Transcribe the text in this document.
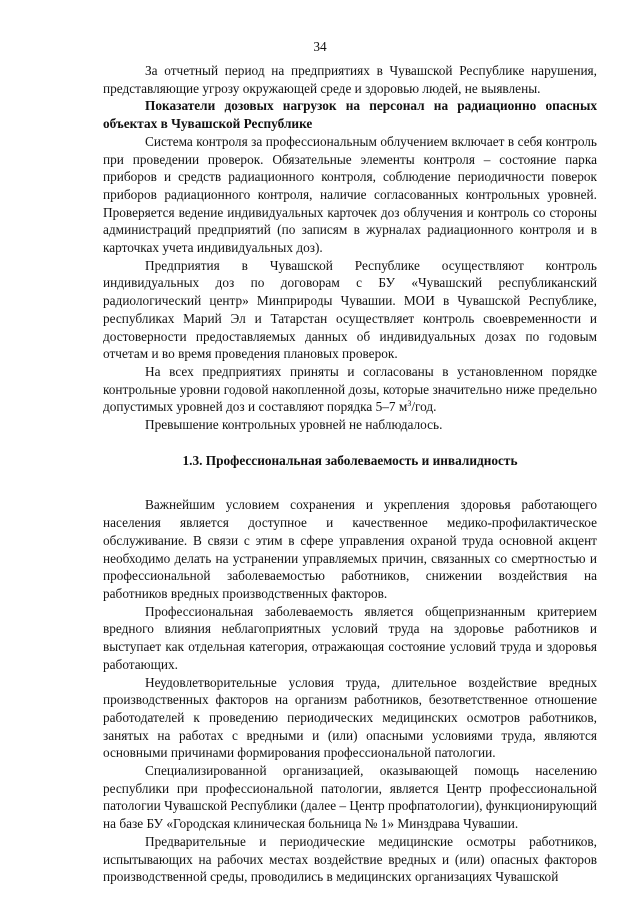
34

За отчетный период на предприятиях в Чувашской Республике нарушения, представляющие угрозу окружающей среде и здоровью людей, не выявлены.

Показатели дозовых нагрузок на персонал на радиационно опасных объектах в Чувашской Республике

Система контроля за профессиональным облучением включает в себя контроль при проведении проверок. Обязательные элементы контроля – состояние парка приборов и средств радиационного контроля, соблюдение периодичности поверок приборов радиационного контроля, наличие согласованных контрольных уровней. Проверяется ведение индивидуальных карточек доз облучения и контроль со стороны администраций предприятий (по записям в журналах радиационного контроля и в карточках учета индивидуальных доз).

Предприятия в Чувашской Республике осуществляют контроль индивидуальных доз по договорам с БУ «Чувашский республиканский радиологический центр» Минприроды Чувашии. МОИ в Чувашской Республике, республиках Марий Эл и Татарстан осуществляет контроль своевременности и достоверности предоставляемых данных об индивидуальных дозах по годовым отчетам и во время проведения плановых проверок.

На всех предприятиях приняты и согласованы в установленном порядке контрольные уровни годовой накопленной дозы, которые значительно ниже предельно допустимых уровней доз и составляют порядка 5–7 $м^3$/год.

Превышение контрольных уровней не наблюдалось.

1.3. Профессиональная заболеваемость и инвалидность

Важнейшим условием сохранения и укрепления здоровья работающего населения является доступное и качественное медико-профилактическое обслуживание. В связи с этим в сфере управления охраной труда основной акцент необходимо делать на устранении управляемых причин, связанных со смертностью и профессиональной заболеваемостью работников, снижении воздействия на работников вредных производственных факторов.

Профессиональная заболеваемость является общепризнанным критерием вредного влияния неблагоприятных условий труда на здоровье работников и выступает как отдельная категория, отражающая состояние условий труда и здоровья работающих.

Неудовлетворительные условия труда, длительное воздействие вредных производственных факторов на организм работников, безответственное отношение работодателей к проведению периодических медицинских осмотров работников, занятых на работах с вредными и (или) опасными условиями труда, являются основными причинами формирования профессиональной патологии.

Специализированной организацией, оказывающей помощь населению республики при профессиональной патологии, является Центр профессиональной патологии Чувашской Республики (далее – Центр профпатологии), функционирующий на базе БУ «Городская клиническая больница № 1» Минздрава Чувашии.

Предварительные и периодические медицинские осмотры работников, испытывающих на рабочих местах воздействие вредных и (или) опасных факторов производственной среды, проводились в медицинских организациях Чувашской
